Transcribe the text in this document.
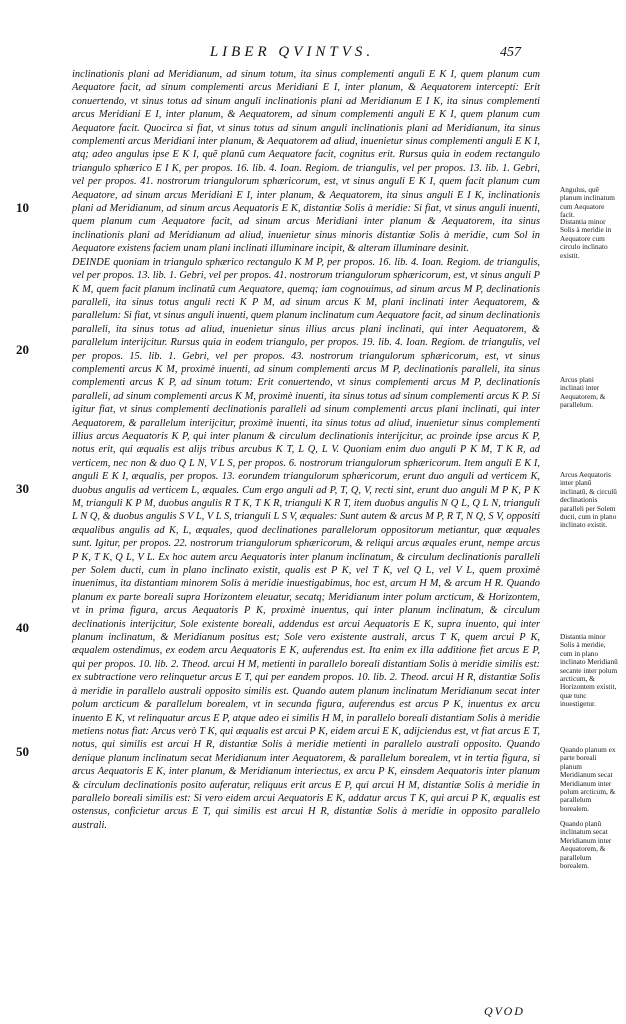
LIBER QVINTVS.	457

inclinationis plani ad Meridianum, ad sinum totum, ita sinus complementi anguli E K I, quem planum cum Aequatore facit, ad sinum complementi arcus Meridiani E I, inter planum, & Aequatorem interceptí: Erit conuertendo, vt sinus totus ad sinum anguli inclinationis plani ad Meridianum E I K, ita sinus complementi arcus Meridiani E I, inter planum, & Aequatorem, ad sinum complementi anguli E K I, quem planum cum Aequatore facit. Quocirca si fiat, vt sinus totus ad sinum anguli inclinationis plani ad Meridianum, ita sinus complementi arcus Meridiani inter planum, & Aequatorem ad aliud, inuenietur sinus complementi anguli E K I, atq; adeo angulus ipse E K I, quẽ planũ cum Aequatore facit, cognitus erit. Rursus quia in eodem rectangulo triangulo sphærico E I K, per propos. 16. lib. 4. Ioan. Regiom. de triangulis, vel per propos. 13. lib. 1. Gebri, vel per propos. 41. nostrorum triangulorum sphæricorum, est, vt sinus anguli E K I, quem facit planum cum Aequatore, ad sinum arcus Meridiani E I, inter planum, & Aequatorem, ita sinus anguli E I K, inclinationis plani ad Meridianum, ad sinum arcus Aequatoris E K, distantiæ Solis à meridie: Si fiat, vt sinus anguli inuenti, quem planum cum Aequatore facit, ad sinum arcus Meridiani inter planum & Aequatorem, ita sinus inclinationis plani ad Meridianum ad aliud, inuenietur sinus minoris distantiæ Solis à meridie, cum Sol in Aequatore existens faciem unam plani inclinati illuminare incipit, & alteram illuminare desinit.

DEINDE quoniam in triangulo sphærico rectangulo K M P, per propos. 16. lib. 4. Ioan. Regiom. de triangulis, vel per propos. 13. lib. 1. Gebri, vel per propos. 41. nostrorum triangulorum sphæricorum, est, vt sinus anguli P K M, quem facit planum inclinatũ cum Aequatore, quemq; iam cognouimus, ad sinum arcus M P, declinationis paralleli, ita sinus totus anguli recti K P M, ad sinum arcus K M, plani inclinati inter Aequatorem, & parallelum: Si fiat, vt sinus anguli inuenti, quem planum inclinatum cum Aequatore facit, ad sinum declinationis paralleli, ita sinus totus ad aliud, inuenietur sinus illius arcus plani inclinati, qui inter Aequatorem, & parallelum interijcitur. Rursus quia in eodem triangulo, per propos. 19. lib. 4. Ioan. Regiom. de triangulis, vel per propos. 15. lib. 1. Gebri, vel per propos. 43. nostrorum triangulorum sphæricorum, est, vt sinus complementi arcus K M, proximè inuenti, ad sinum complementi arcus M P, declinationis paralleli, ita sinus complementi arcus K P, ad sinum totum: Erit conuertendo, vt sinus complementi arcus M P, declinationis paralleli, ad sinum complementi arcus K M, proximè inuenti, ita sinus totus ad sinum complementi arcus K P. Si igitur fiat, vt sinus complementi declinationis paralleli ad sinum complementi arcus plani inclinati, qui inter Aequatorem, & parallelum interijcitur, proximè inuenti, ita sinus totus ad aliud, inuenietur sinus complementi illius arcus Aequatoris K P, qui inter planum & circulum declinationis interijcitur, ac proinde ipse arcus K P, notus erit, qui æqualis est alijs tribus arcubus K T, L Q, L V. Quoniam enim duo anguli P K M, T K R, ad verticem, nec non & duo Q L N, V L S, per propos. 6. nostrorum triangulorum sphæricorum. Item anguli E K I, anguli E K I, æqualis, per propos. 13. eorundem triangulorum sphæricorum, erunt duo anguli ad verticem K, duobus angulis ad verticem L, æquales. Cum ergo anguli ad P, T, Q, V, recti sint, erunt duo anguli M P K, P K M, trianguli K P M, duobus angulis R T K, T K R, trianguli K R T, item duobus angulis N Q L, Q L N, trianguli L N Q, & duobus angulis S V L, V L S, trianguli L S V, æquales: Sunt autem & arcus M P, R T, N Q, S V, oppositi æqualibus angulis ad K, L, æquales, quod declinationes parallelorum oppositorum metiantur, quæ æquales sunt. Igitur, per propos. 22. nostrorum triangulorum sphæricorum, & reliqui arcus æquales erunt, nempe arcus P K, T K, Q L, V L. Ex hoc autem arcu Aequatoris inter planum inclinatum, & circulum declinationis paralleli per Solem ducti, cum in plano inclinato existit, qualis est P K, vel T K, vel Q L, vel V L, quem proximè inuenimus, ita distantiam minorem Solis à meridie inuestigabimus, hoc est, arcum H M, & arcum H R. Quando planum ex parte boreali supra Horizontem eleuatur, secatq; Meridianum inter polum arcticum, & Horizontem, vt in prima figura, arcus Aequatoris P K, proximè inuentus, qui inter planum inclinatum, & circulum declinationis interijcitur, Sole existente boreali, addendus est arcui Aequatoris E K, supra inuento, qui inter planum inclinatum, & Meridianum positus est; Sole vero existente australi, arcus T K, quem arcui P K, æqualem ostendimus, ex eodem arcu Aequatoris E K, auferendus est. Ita enim ex illa additione fiet arcus E P, qui per propos. 10. lib. 2. Theod. arcui H M, metienti in parallelo boreali distantiam Solis à meridie similis est: ex subtractione vero relinquetur arcus E T, qui per eandem propos. 10. lib. 2. Theod. arcui H R, distantiæ Solis à meridie in parallelo australi opposito similis est. Quando autem planum inclinatum Meridianum secat inter polum arcticum & parallelum borealem, vt in secunda figura, auferendus est arcus P K, inuentus ex arcu inuento E K, vt relinquatur arcus E P, atque adeo ei similis H M, in parallelo boreali distantiam Solis à meridie metiens notus fiat: Arcus verò T K, qui æqualis est arcui P K, eidem arcui E K, adijciendus est, vt fiat arcus E T, notus, qui similis est arcui H R, distantiæ Solis à meridie metienti in parallelo australi opposito. Quando denique planum inclinatum secat Meridianum inter Aequatorem, & parallelum borealem, vt in tertia figura, si arcus Aequatoris E K, inter planum, & Meridianum interiectus, ex arcu P K, einsdem Aequatoris inter planum & circulum declinationis posito auferatur, reliquus erit arcus E P, qui arcui H M, distantiæ Solis à meridie in parallelo boreali similis est: Si vero eidem arcui Aequatoris E K, addatur arcus T K, qui arcui P K, æqualis est ostensus, conficietur arcus E T, qui similis est arcui H R, distantiæ Solis à meridie in opposito parallelo australi.

10
20
30
40
50
Angulus, quẽ planum inclinatum cum Aequatore facit.
Distantia minor Solis à meridie in Aequatore cum circulo inclinato existit.
Arcus plani inclinati inter Aequatorem, & parallelum.
Arcus Aequatoris inter planũ inclinatũ, & circulũ declinationis paralleli per Solem ducti, cum in plano inclinato existit.
Distantia minor Solis à meridie, cum in plano inclinato Meridianũ secante inter polum arcticum, & Horizontem existit, quæ tunc inuestigetur.
Quando planum ex parte boreali planum Meridianum secat Meridianum inter polum arcticum, & parallelum borealem.
Quando planũ inclinatum secat Meridianum inter Aequatorem, & parallelum borealem.
QVOD
